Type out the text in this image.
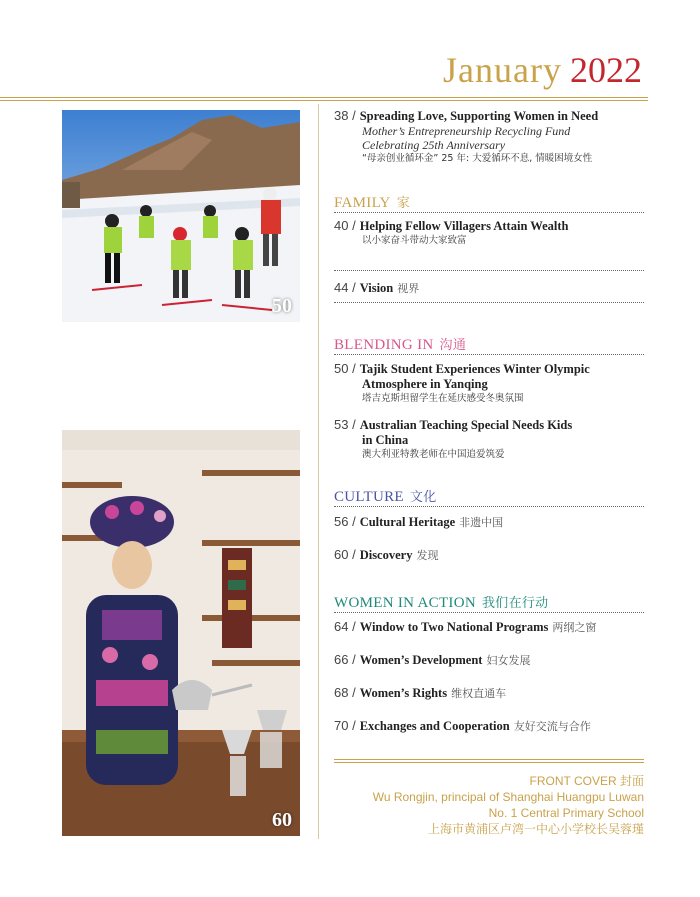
January 2022
50
60
38 / Spreading Love, Supporting Women in Need
Mother’s Entrepreneurship Recycling Fund
Celebrating 25th Anniversary
“母亲创业循环金” 25 年: 大爱循环不息, 情暖困境女性
FAMILY 家
40 / Helping Fellow Villagers Attain Wealth
以小家奋斗带动大家致富
44 / Vision 视界
BLENDING IN 沟通
50 / Tajik Student Experiences Winter Olympic
Atmosphere in Yanqing
塔吉克斯坦留学生在延庆感受冬奥氛围
53 / Australian Teaching Special Needs Kids
in China
澳大利亚特教老师在中国追爱筑爱
CULTURE 文化
56 / Cultural Heritage 非遗中国
60 / Discovery 发现
WOMEN IN ACTION 我们在行动
64 / Window to Two National Programs 两纲之窗
66 / Women’s Development 妇女发展
68 / Women’s Rights 维权直通车
70 / Exchanges and Cooperation 友好交流与合作
FRONT COVER 封面
Wu Rongjin, principal of Shanghai Huangpu Luwan
No. 1 Central Primary School
上海市黄浦区卢湾一中心小学校长吴蓉瑾
